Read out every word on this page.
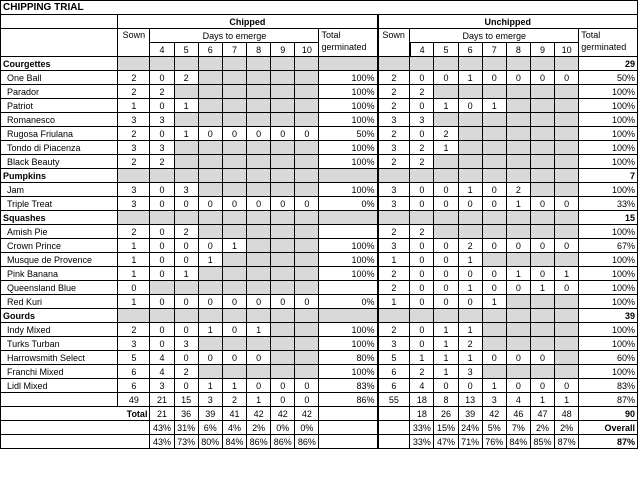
CHIPPING TRIAL																		
	Chipped									Unchipped								
	Sown	Days to emerge							Total germinated	Sown	Days to emerge							Total germinated
		4	5	6	7	8	9	10			4	5	6	7	8	9	10	
Courgettes																		29
One Ball	2	0	2						100%	2	0	0	1	0	0	0	0	50%
Parador	2	2							100%	2	2							100%
Patriot	1	0	1						100%	2	0	1	0	1				100%
Romanesco	3	3							100%	3	3							100%
Rugosa Friulana	2	0	1	0	0	0	0	0	50%	2	0	2						100%
Tondo di Piacenza	3	3							100%	3	2	1						100%
Black Beauty	2	2							100%	2	2							100%
Pumpkins																		7
Jam	3	0	3						100%	3	0	0	1	0	2			100%
Triple Treat	3	0	0	0	0	0	0	0	0%	3	0	0	0	0	1	0	0	33%
Squashes																		15
Amish Pie	2	0	2							2	2							100%
Crown Prince	1	0	0	0	1				100%	3	0	0	2	0	0	0	0	67%
Musque de Provence	1	0	0	1					100%	1	0	0	1					100%
Pink Banana	1	0	1						100%	2	0	0	0	0	1	0	1	100%
Queensland Blue	0									2	0	0	1	0	0	1	0	100%
Red Kuri	1	0	0	0	0	0	0	0	0%	1	0	0	0	1				100%
Gourds																		39
Indy Mixed	2	0	0	1	0	1			100%	2	0	1	1					100%
Turks Turban	3	0	3						100%	3	0	1	2					100%
Harrowsmith Select	5	4	0	0	0	0			80%	5	1	1	1	0	0	0		60%
Franchi Mixed	6	4	2						100%	6	2	1	3					100%
Lidl Mixed	6	3	0	1	1	0	0	0	83%	6	4	0	0	1	0	0	0	83%
	49	21	15	3	2	1	0	0	86%	55	18	8	13	3	4	1	1	87%
Total		21	36	39	41	42	42	42			18	26	39	42	46	47	48	90
		43%	31%	6%	4%	2%	0%	0%			33%	15%	24%	5%	7%	2%	2%	Overall
		43%	73%	80%	84%	86%	86%	86%			33%	47%	71%	76%	84%	85%	87%	87%
